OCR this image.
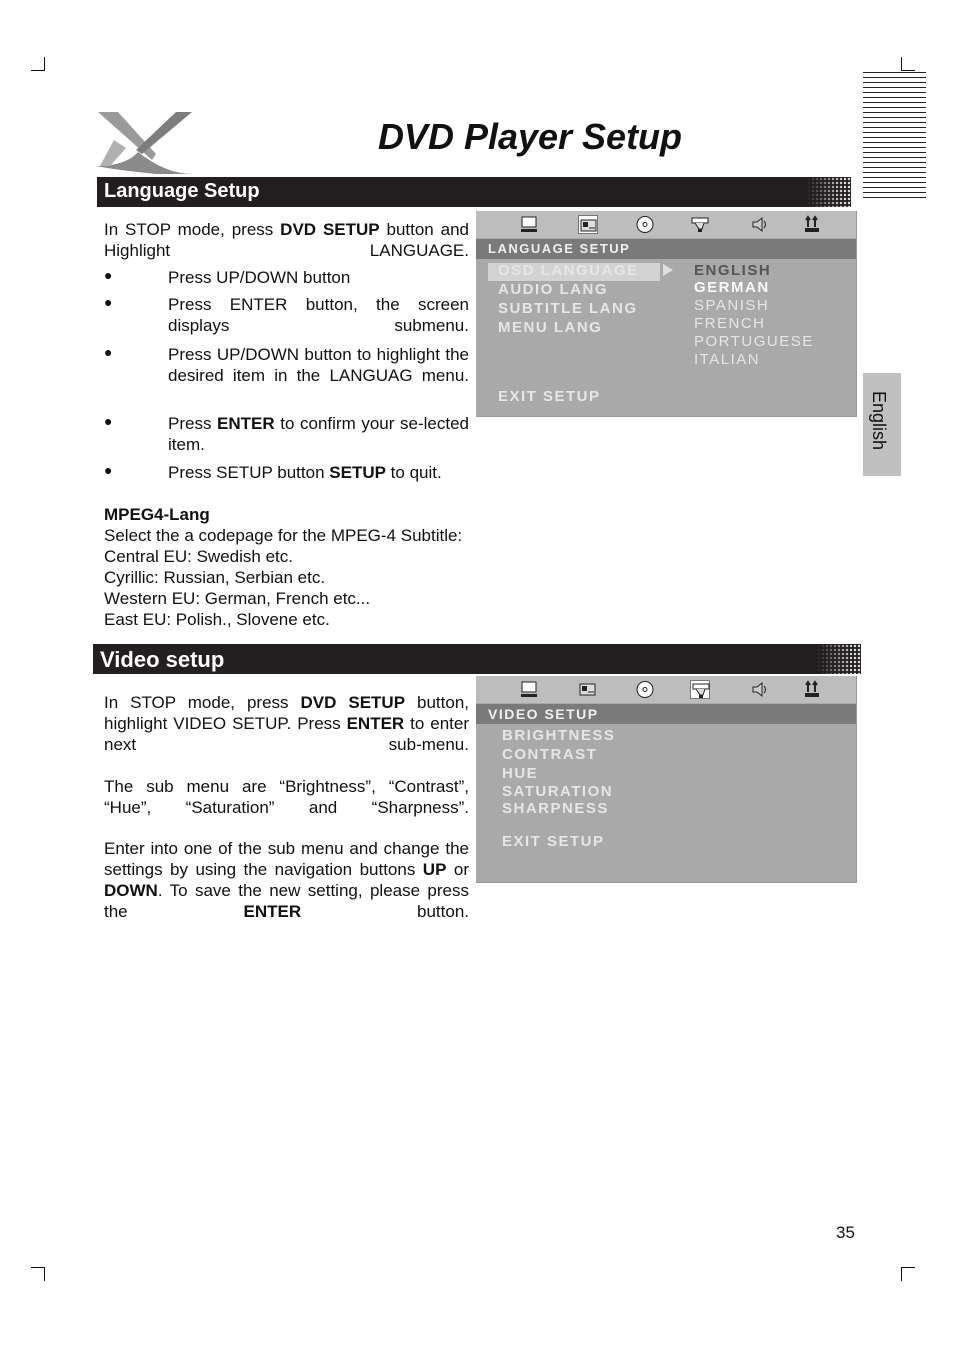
DVD Player Setup
Language Setup
In STOP mode, press DVD SETUP button and Highlight LANGUAGE.
●	Press UP/DOWN button
●	Press ENTER button, the screen displays submenu.
●	Press UP/DOWN button to highlight the desired item in the LANGUAG menu.
●	Press ENTER to confirm your se-lected item.
●	Press SETUP button SETUP to quit.
MPEG4-Lang
Select the a codepage for the MPEG-4 Subtitle:
Central EU: Swedish etc.
Cyrillic: Russian, Serbian etc.
Western EU: German, French etc...
East EU: Polish., Slovene etc.
LANGUAGE SETUP
OSD LANGUAGE
AUDIO LANG
SUBTITLE LANG
MENU LANG
ENGLISH
GERMAN
SPANISH
FRENCH
PORTUGUESE
ITALIAN
EXIT SETUP	English
Video setup
In STOP mode, press DVD SETUP button, highlight VIDEO SETUP. Press ENTER to enter next sub-menu.
The sub menu are “Brightness”, “Contrast”, “Hue”, “Saturation” and “Sharpness”.
Enter into one of the sub menu and change the settings by using the navigation buttons UP or DOWN. To save the new setting, please press the ENTER button.
VIDEO SETUP
BRIGHTNESS
CONTRAST
HUE
SATURATION
SHARPNESS
EXIT SETUP
35
